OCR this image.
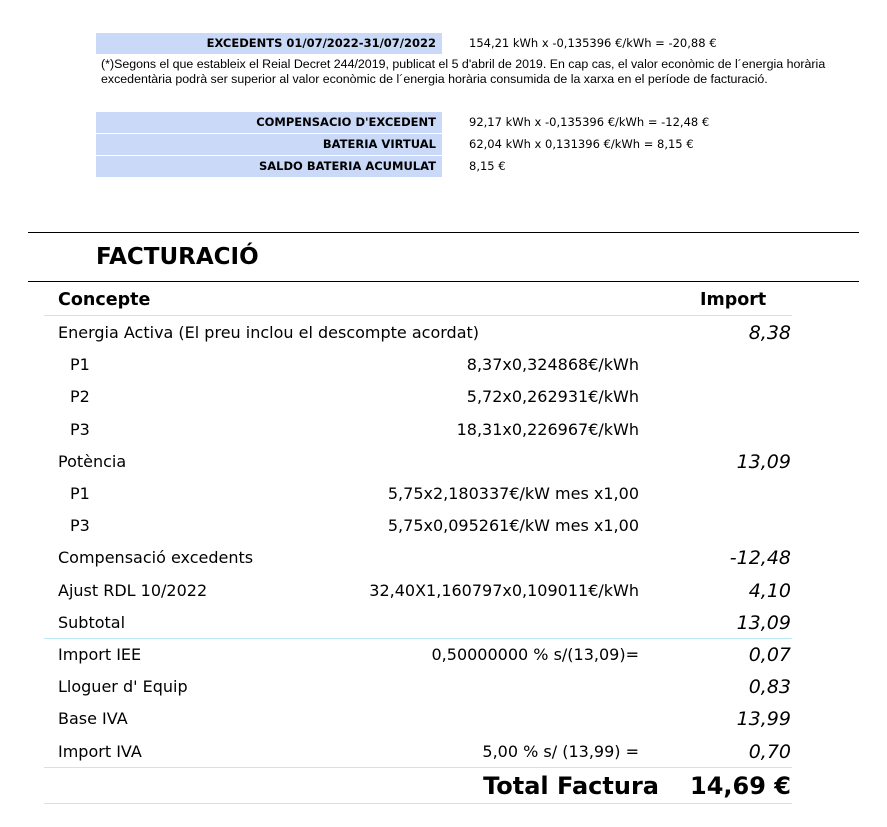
EXCEDENTS 01/07/2022-31/07/2022	154,21 kWh x -0,135396 €/kWh = -20,88 €
(*)Segons el que estableix el Reial Decret 244/2019, publicat el 5 d'abril de 2019. En cap cas, el valor econòmic de l´energia horària excedentària podrà ser superior al valor econòmic de l´energia horària consumida de la xarxa en el període de facturació.
COMPENSACIO D'EXCEDENT	92,17 kWh x -0,135396 €/kWh = -12,48 €
BATERIA VIRTUAL	62,04 kWh x 0,131396 €/kWh = 8,15 €
SALDO BATERIA ACUMULAT	8,15 €
FACTURACIÓ
Concepte	Import
Energia Activa (El preu inclou el descompte acordat)	8,38
P1	8,37x0,324868€/kWh
P2	5,72x0,262931€/kWh
P3	18,31x0,226967€/kWh
Potència	13,09
P1	5,75x2,180337€/kW mes x1,00
P3	5,75x0,095261€/kW mes x1,00
Compensació excedents	-12,48
Ajust RDL 10/2022	32,40X1,160797x0,109011€/kWh	4,10
Subtotal	13,09
Import IEE	0,50000000 % s/(13,09)=	0,07
Lloguer d' Equip	0,83
Base IVA	13,99
Import IVA	5,00 % s/ (13,99) =	0,70
Total Factura 14,69 €
